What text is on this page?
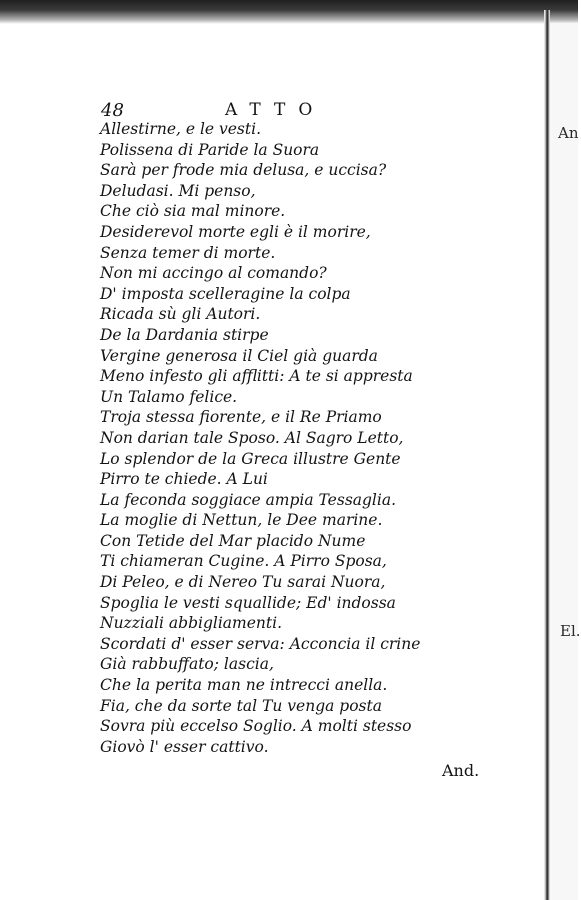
48	ATTO
Allestirne, e le vesti.
Polissena di Paride la Suora
Sarà per frode mia delusa, e uccisa?
Deludasi. Mi penso,
Che ciò sia mal minore.
Desiderevol morte egli è il morire,
Senza temer di morte.
Non mi accingo al comando?
D' imposta scelleragine la colpa
Ricada sù gli Autori.
De la Dardania stirpe
Vergine generosa il Ciel già guarda
Meno infesto gli afflitti: A te si appresta
Un Talamo felice.
Troja stessa fiorente, e il Re Priamo
Non darian tale Sposo. Al Sagro Letto,
Lo splendor de la Greca illustre Gente
Pirro te chiede. A Lui
La feconda soggiace ampia Tessaglia.
La moglie di Nettun, le Dee marine.
Con Tetide del Mar placido Nume
Ti chiameran Cugine. A Pirro Sposa,
Di Peleo, e di Nereo Tu sarai Nuora,
Spoglia le vesti squallide; Ed' indossa
Nuzziali abbigliamenti.
Scordati d' esser serva: Acconcia il crine
Già rabbuffato; lascia,
Che la perita man ne intrecci anella.
Fia, che da sorte tal Tu venga posta
Sovra più eccelso Soglio. A molti stesso
Giovò l' esser cattivo.
And.
An
El.
